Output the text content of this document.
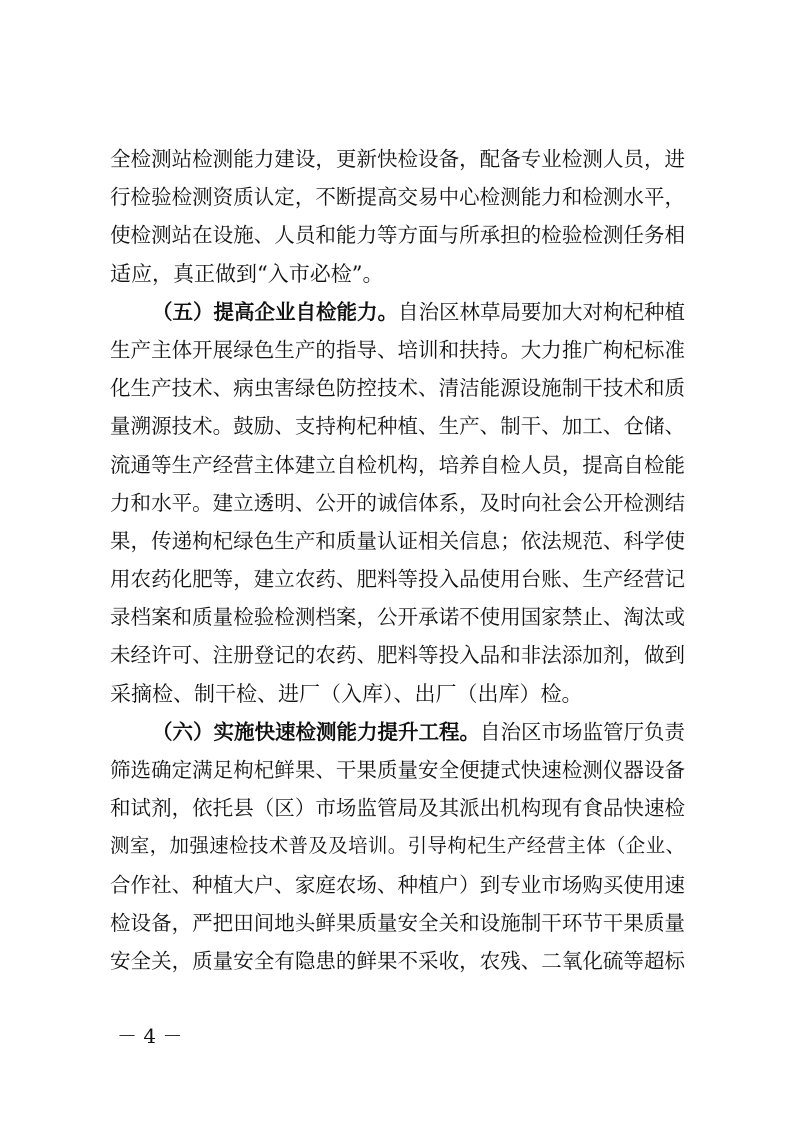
全检测站检测能力建设，更新快检设备，配备专业检测人员，进
行检验检测资质认定，不断提高交易中心检测能力和检测水平，
使检测站在设施、人员和能力等方面与所承担的检验检测任务相
适应，真正做到“入市必检”。
（五）提高企业自检能力。自治区林草局要加大对枸杞种植
生产主体开展绿色生产的指导、培训和扶持。大力推广枸杞标准
化生产技术、病虫害绿色防控技术、清洁能源设施制干技术和质
量溯源技术。鼓励、支持枸杞种植、生产、制干、加工、仓储、
流通等生产经营主体建立自检机构，培养自检人员，提高自检能
力和水平。建立透明、公开的诚信体系，及时向社会公开检测结
果，传递枸杞绿色生产和质量认证相关信息；依法规范、科学使
用农药化肥等，建立农药、肥料等投入品使用台账、生产经营记
录档案和质量检验检测档案，公开承诺不使用国家禁止、淘汰或
未经许可、注册登记的农药、肥料等投入品和非法添加剂，做到
采摘检、制干检、进厂（入库）、出厂（出库）检。
（六）实施快速检测能力提升工程。自治区市场监管厅负责
筛选确定满足枸杞鲜果、干果质量安全便捷式快速检测仪器设备
和试剂，依托县（区）市场监管局及其派出机构现有食品快速检
测室，加强速检技术普及及培训。引导枸杞生产经营主体（企业、
合作社、种植大户、家庭农场、种植户）到专业市场购买使用速
检设备，严把田间地头鲜果质量安全关和设施制干环节干果质量
安全关，质量安全有隐患的鲜果不采收，农残、二氧化硫等超标
－ 4 －
